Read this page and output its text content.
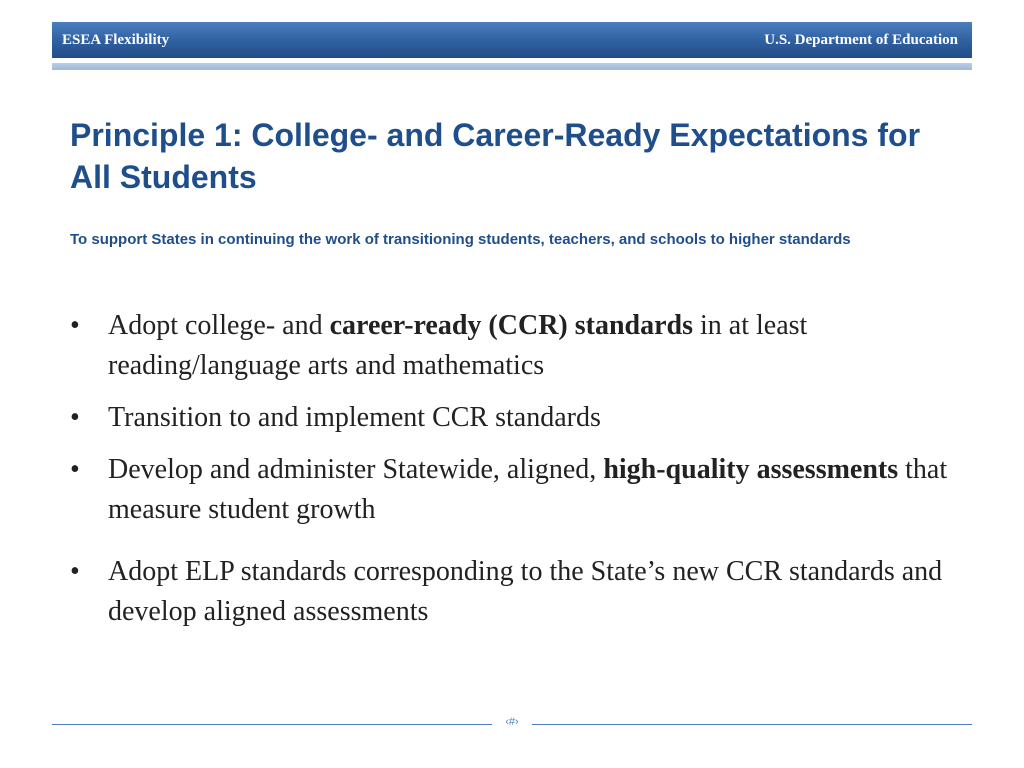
ESEA Flexibility	U.S. Department of Education
Principle 1: College- and Career-Ready Expectations for All Students

To support States in continuing the work of transitioning students, teachers, and schools to higher standards

• Adopt college- and career-ready (CCR) standards in at least reading/language arts and mathematics
• Transition to and implement CCR standards
• Develop and administer Statewide, aligned, high-quality assessments that measure student growth
• Adopt ELP standards corresponding to the State’s new CCR standards and develop aligned assessments
‹#›
